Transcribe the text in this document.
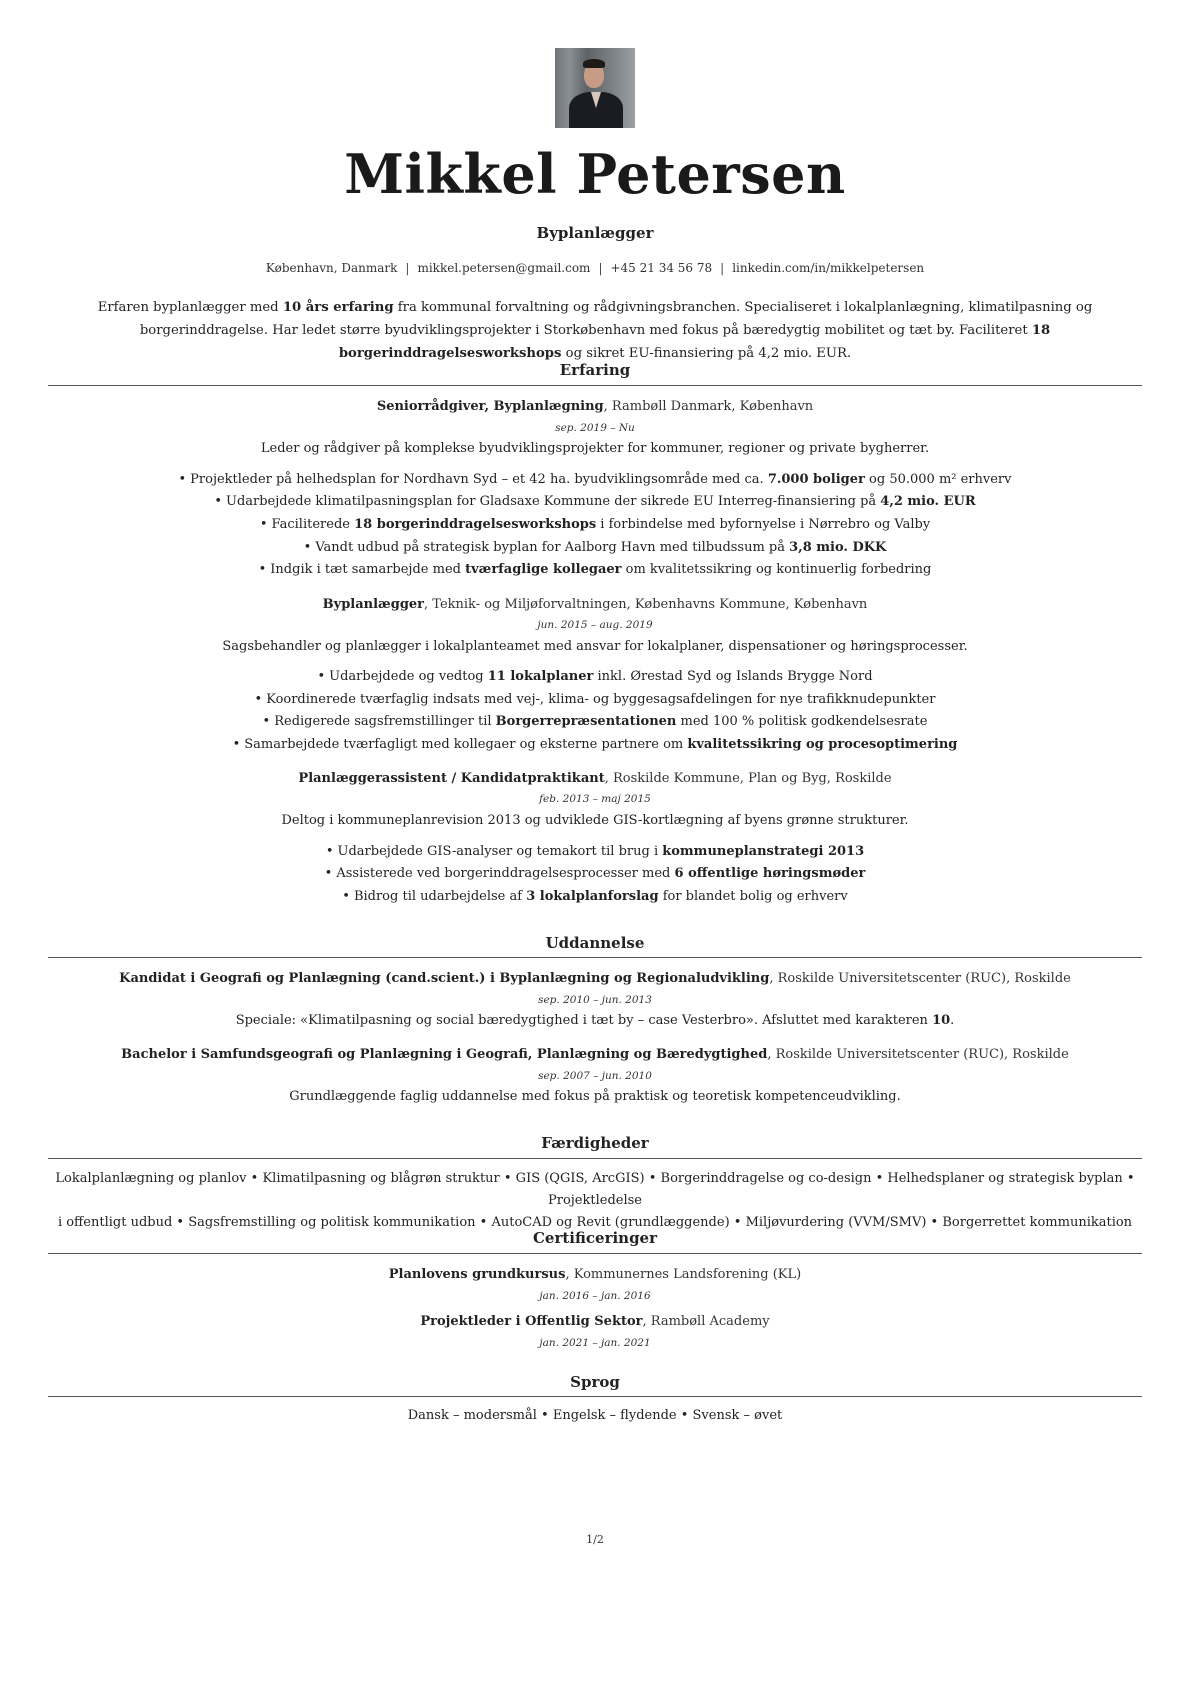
Mikkel Petersen
Byplanlægger
København, Danmark | mikkel.petersen@gmail.com | +45 21 34 56 78 | linkedin.com/in/mikkelpetersen
Erfaren byplanlægger med 10 års erfaring fra kommunal forvaltning og rådgivningsbranchen. Specialiseret i lokalplanlægning, klimatilpasning og borgerinddragelse. Har ledet større byudviklingsprojekter i Storkøbenhavn med fokus på bæredygtig mobilitet og tæt by. Faciliteret 18 borgerinddragelsesworkshops og sikret EU-finansiering på 4,2 mio. EUR.
Erfaring
Seniorrådgiver, Byplanlægning, Rambøll Danmark, København
sep. 2019 – Nu
Leder og rådgiver på komplekse byudviklingsprojekter for kommuner, regioner og private bygherrer.
• Projektleder på helhedsplan for Nordhavn Syd – et 42 ha. byudviklingsområde med ca. 7.000 boliger og 50.000 m² erhverv
• Udarbejdede klimatilpasningsplan for Gladsaxe Kommune der sikrede EU Interreg-finansiering på 4,2 mio. EUR
• Faciliterede 18 borgerinddragelsesworkshops i forbindelse med byfornyelse i Nørrebro og Valby
• Vandt udbud på strategisk byplan for Aalborg Havn med tilbudssum på 3,8 mio. DKK
• Indgik i tæt samarbejde med tværfaglige kollegaer om kvalitetssikring og kontinuerlig forbedring
Byplanlægger, Teknik- og Miljøforvaltningen, Københavns Kommune, København
jun. 2015 – aug. 2019
Sagsbehandler og planlægger i lokalplanteamet med ansvar for lokalplaner, dispensationer og høringsprocesser.
• Udarbejdede og vedtog 11 lokalplaner inkl. Ørestad Syd og Islands Brygge Nord
• Koordinerede tværfaglig indsats med vej-, klima- og byggesagsafdelingen for nye trafikknudepunkter
• Redigerede sagsfremstillinger til Borgerrepræsentationen med 100 % politisk godkendelsesrate
• Samarbejdede tværfagligt med kollegaer og eksterne partnere om kvalitetssikring og procesoptimering
Planlæggerassistent / Kandidatpraktikant, Roskilde Kommune, Plan og Byg, Roskilde
feb. 2013 – maj 2015
Deltog i kommuneplanrevision 2013 og udviklede GIS-kortlægning af byens grønne strukturer.
• Udarbejdede GIS-analyser og temakort til brug i kommuneplanstrategi 2013
• Assisterede ved borgerinddragelsesprocesser med 6 offentlige høringsmøder
• Bidrog til udarbejdelse af 3 lokalplanforslag for blandet bolig og erhverv
Uddannelse
Kandidat i Geografi og Planlægning (cand.scient.) i Byplanlægning og Regionaludvikling, Roskilde Universitetscenter (RUC), Roskilde
sep. 2010 – jun. 2013
Speciale: «Klimatilpasning og social bæredygtighed i tæt by – case Vesterbro». Afsluttet med karakteren 10.
Bachelor i Samfundsgeografi og Planlægning i Geografi, Planlægning og Bæredygtighed, Roskilde Universitetscenter (RUC), Roskilde
sep. 2007 – jun. 2010
Grundlæggende faglig uddannelse med fokus på praktisk og teoretisk kompetenceudvikling.
Færdigheder
Lokalplanlægning og planlov • Klimatilpasning og blågrøn struktur • GIS (QGIS, ArcGIS) • Borgerinddragelse og co-design • Helhedsplaner og strategisk byplan • Projektledelse
i offentligt udbud • Sagsfremstilling og politisk kommunikation • AutoCAD og Revit (grundlæggende) • Miljøvurdering (VVM/SMV) • Borgerrettet kommunikation
Certificeringer
Planlovens grundkursus, Kommunernes Landsforening (KL)
jan. 2016 – jan. 2016
Projektleder i Offentlig Sektor, Rambøll Academy
jan. 2021 – jan. 2021
Sprog
Dansk – modersmål • Engelsk – flydende • Svensk – øvet
1/2
